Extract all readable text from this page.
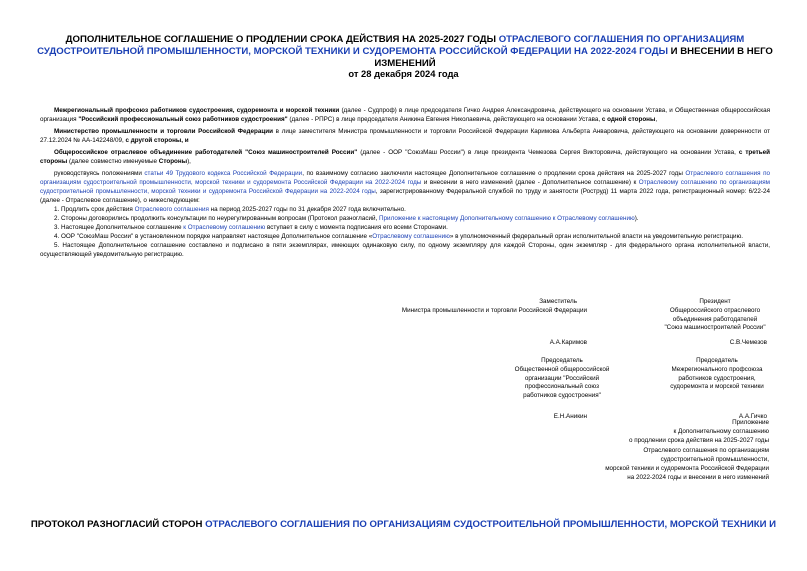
ДОПОЛНИТЕЛЬНОЕ СОГЛАШЕНИЕ О ПРОДЛЕНИИ СРОКА ДЕЙСТВИЯ НА 2025-2027 ГОДЫ ОТРАСЛЕВОГО СОГЛАШЕНИЯ ПО ОРГАНИЗАЦИЯМ СУДОСТРОИТЕЛЬНОЙ ПРОМЫШЛЕННОСТИ, МОРСКОЙ ТЕХНИКИ И СУДОРЕМОНТА РОССИЙСКОЙ ФЕДЕРАЦИИ НА 2022-2024 ГОДЫ И ВНЕСЕНИИ В НЕГО ИЗМЕНЕНИЙ
от 28 декабря 2024 года

Межрегиональный профсоюз работников судостроения, судоремонта и морской техники (далее - Судпроф) в лице председателя Гичко Андрея Александровича, действующего на основании Устава, и Общественная общероссийская организация "Российский профессиональный союз работников судостроения" (далее - РПРС) в лице председателя Аникина Евгения Николаевича, действующего на основании Устава, с одной стороны,

Министерство промышленности и торговли Российской Федерации в лице заместителя Министра промышленности и торговли Российской Федерации Каримова Альберта Анваровича, действующего на основании доверенности от 27.12.2024 № АА-142248/09, с другой стороны, и

Общероссийское отраслевое объединение работодателей "Союз машиностроителей России" (далее - ООР "СоюзМаш России") в лице президента Чемезова Сергея Викторовича, действующего на основании Устава, с третьей стороны (далее совместно именуемые Стороны),

руководствуясь положениями статьи 49 Трудового кодекса Российской Федерации, по взаимному согласию заключили настоящее Дополнительное соглашение о продлении срока действия на 2025-2027 годы Отраслевого соглашения по организациям судостроительной промышленности, морской техники и судоремонта Российской Федерации на 2022-2024 годы и внесении в него изменений (далее - Дополнительное соглашение) к Отраслевому соглашению по организациям судостроительной промышленности, морской техники и судоремонта Российской Федерации на 2022-2024 годы, зарегистрированному Федеральной службой по труду и занятости (Роструд) 11 марта 2022 года, регистрационный номер: 6/22-24 (далее - Отраслевое соглашение), о нижеследующем:

1. Продлить срок действия Отраслевого соглашения на период 2025-2027 годы по 31 декабря 2027 года включительно.

2. Стороны договорились продолжить консультации по неурегулированным вопросам (Протокол разногласий, Приложение к настоящему Дополнительному соглашению к Отраслевому соглашению).

3. Настоящее Дополнительное соглашение к Отраслевому соглашению вступает в силу с момента подписания его всеми Сторонами.

4. ООР "СоюзМаш России" в установленном порядке направляет настоящее Дополнительное соглашение «Отраслевому соглашению» в уполномоченный федеральный орган исполнительной власти на уведомительную регистрацию.

5. Настоящее Дополнительное соглашение составлено и подписано в пяти экземплярах, имеющих одинаковую силу, по одному экземпляру для каждой Стороны, один экземпляр - для федерального органа исполнительной власти, осуществляющей уведомительную регистрацию.

Заместитель
Министра промышленности и торговли Российской Федерации
Президент
Общероссийского отраслевого
объединения работодателей
"Союз машиностроителей России"
А.А.Каримов	С.В.Чемезов
Председатель
Общественной общероссийской
организации "Российский
профессиональный союз
работников судостроения"
Председатель
Межрегионального профсоюза
работников судостроения,
судоремонта и морской техники
Е.Н.Аникин	А.А.Гичко
Приложение
к Дополнительному соглашению
о продлении срока действия на 2025-2027 годы
Отраслевого соглашения по организациям
судостроительной промышленности,
морской техники и судоремонта Российской Федерации
на 2022-2024 годы и внесении в него изменений
ПРОТОКОЛ РАЗНОГЛАСИЙ СТОРОН ОТРАСЛЕВОГО СОГЛАШЕНИЯ ПО ОРГАНИЗАЦИЯМ СУДОСТРОИТЕЛЬНОЙ ПРОМЫШЛЕННОСТИ, МОРСКОЙ ТЕХНИКИ И
